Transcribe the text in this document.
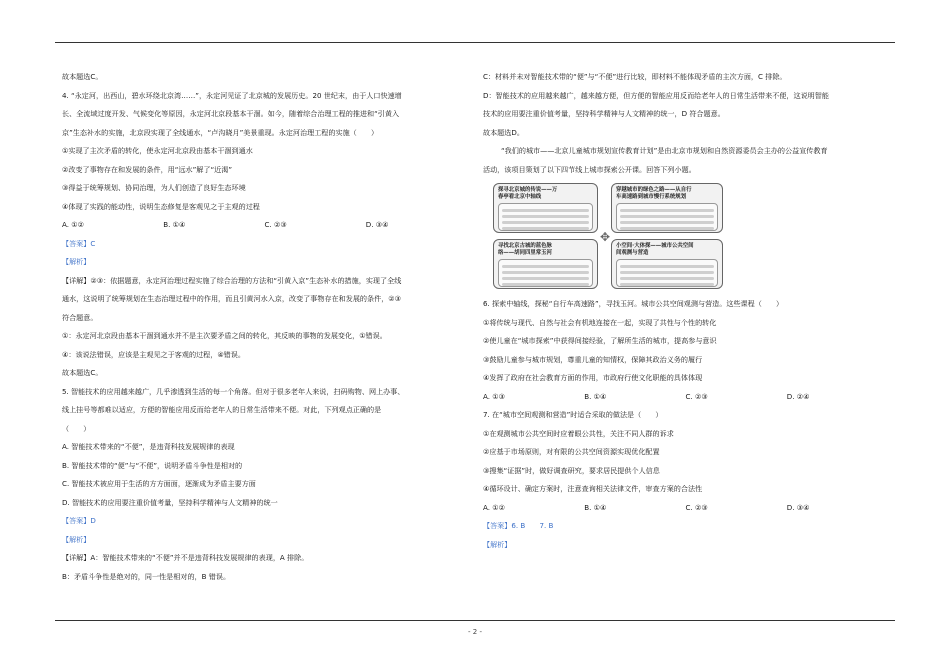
故本题选C。
4. “永定河，出西山，碧水环绕北京湾……”，永定河见证了北京城的发展历史。20 世纪末，由于人口快速增
长、全流域过度开发、气候变化等原因，永定河北京段基本干涸。如今，随着综合治理工程的推进和“引黄入
京”生态补水的实施，北京段实现了全线通水，“卢沟晓月”美景重现。永定河治理工程的实施（　　）
①实现了主次矛盾的转化，使永定河北京段由基本干涸到通水
②改变了事物存在和发展的条件，用“远水”解了“近渴”
③得益于统筹规划、协同治理，为人们创造了良好生态环境
④体现了实践的能动性，说明生态修复是客观见之于主观的过程
A. ①②	B. ①④	C. ②③	D. ③④
【答案】C
【解析】
【详解】②③：依据题意，永定河治理过程实施了综合治理的方法和“引黄入京”生态补水的措施，实现了全线
通水，这说明了统筹规划在生态治理过程中的作用，而且引黄河水入京，改变了事物存在和发展的条件，②③
符合题意。
①：永定河北京段由基本干涸到通水并不是主次要矛盾之间的转化，其反映的事物的发展变化，①错误。
④：该说法错误，应该是主观见之于客观的过程，④错误。
故本题选C。
5. 智能技术的应用越来越广，几乎渗透到生活的每一个角落。但对于很多老年人来说，扫码购物、网上办事、
线上挂号等都难以适应，方便的智能应用反而给老年人的日常生活带来不便。对此，下列观点正确的是
（　　）
A. 智能技术带来的“不便”，是违背科技发展规律的表现
B. 智能技术带的“便”与“不便”，说明矛盾斗争性是相对的
C. 智能技术被应用于生活的方方面面，逐渐成为矛盾主要方面
D. 智能技术的应用要注重价值考量，坚持科学精神与人文精神的统一
【答案】D
【解析】
【详解】A：智能技术带来的“不便”并不是违背科技发展规律的表现，A 排除。
B：矛盾斗争性是绝对的，同一性是相对的，B 错误。
C：材料并未对智能技术带的“便”与“不便”进行比较，即材料不能体现矛盾的主次方面，C 排除。
D：智能技术的应用越来越广，越来越方便，但方便的智能应用反而给老年人的日常生活带来不便，这说明智能
技术的应用要注重价值考量，坚持科学精神与人文精神的统一，D 符合题意。
故本题选D。
“我们的城市——北京儿童城市规划宣传教育计划”是由北京市规划和自然资源委员会主办的公益宣传教育
活动，该项目策划了以下四节线上城市探索公开课。回答下列小题。
探寻北京城的传说——万
春亭看北京中轴线
穿越城市的绿色之路——从自行
车高速路到城市慢行系统规划
✥
寻找北京古城的蓝色脉
络——胡同四里常玉河
小空间·大体探——城市公共空间
间观测与营造
6. 探索中轴线，探秘“自行车高速路”，寻找玉河。城市公共空间观测与营造。这些课程（　　）
①将传统与现代、自然与社会有机地连接在一起，实现了共性与个性的转化
②使儿童在“城市探索”中获得间接经验，了解所生活的城市，提高参与意识
③鼓励儿童参与城市规划，尊重儿童的知情权，保障其政治义务的履行
④发挥了政府在社会教育方面的作用，市政府行使文化职能的具体体现
A. ①③	B. ①④	C. ②③	D. ②④
7. 在“城市空间观测和营造”时适合采取的做法是（　　）
①在观测城市公共空间时应着眼公共性，关注不同人群的诉求
②应基于市场原则，对有限的公共空间资源实现优化配置
③搜集“证据”时，做好调查研究，要求居民提供个人信息
④循环设计、确定方案时，注意查询相关法律文件，审查方案的合法性
A. ①②	B. ①④	C. ②③	D. ③④
【答案】6. B　　7. B
【解析】
- 2 -
